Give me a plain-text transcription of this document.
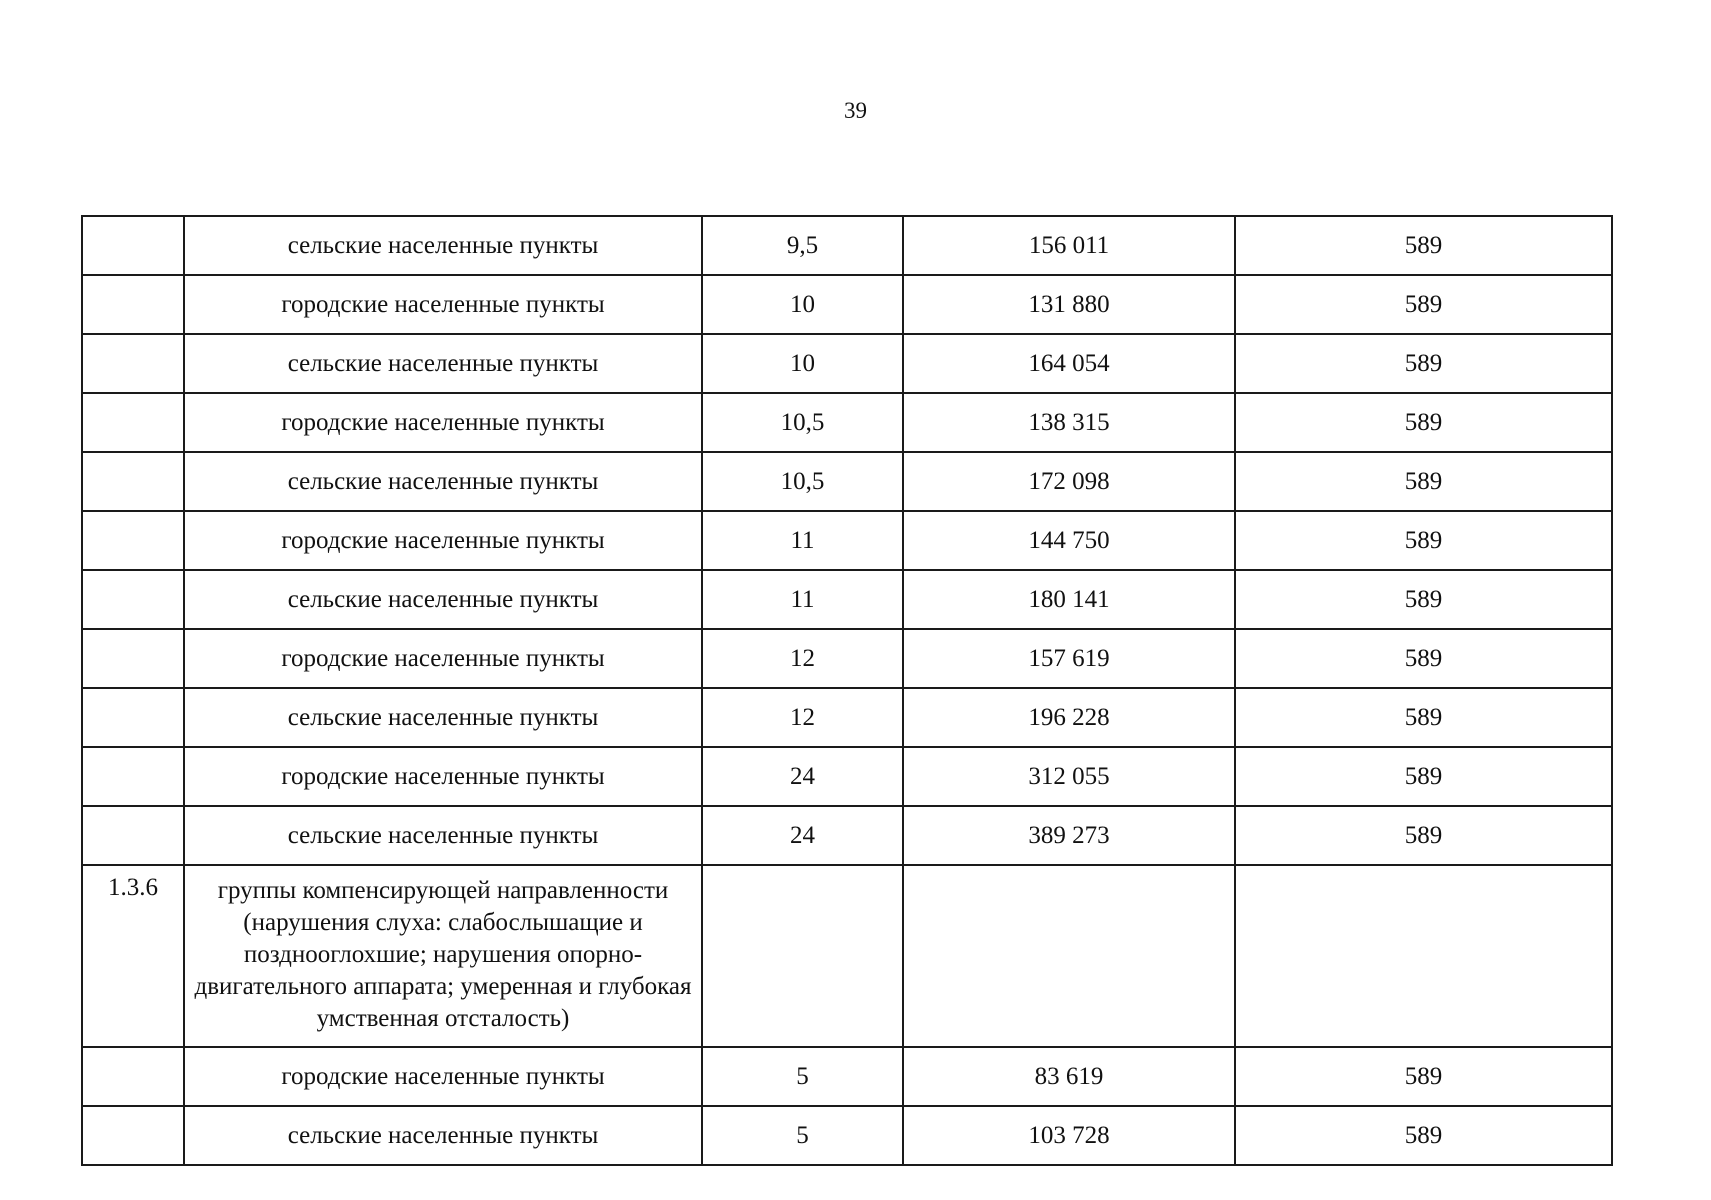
39
	сельские населенные пункты	9,5	156 011	589
	городские населенные пункты	10	131 880	589
	сельские населенные пункты	10	164 054	589
	городские населенные пункты	10,5	138 315	589
	сельские населенные пункты	10,5	172 098	589
	городские населенные пункты	11	144 750	589
	сельские населенные пункты	11	180 141	589
	городские населенные пункты	12	157 619	589
	сельские населенные пункты	12	196 228	589
	городские населенные пункты	24	312 055	589
	сельские населенные пункты	24	389 273	589
1.3.6	группы компенсирующей направленности (нарушения слуха: слабослышащие и позднооглохшие; нарушения опорно-двигательного аппарата; умеренная и глубокая умственная отсталость)			
	городские населенные пункты	5	83 619	589
	сельские населенные пункты	5	103 728	589
